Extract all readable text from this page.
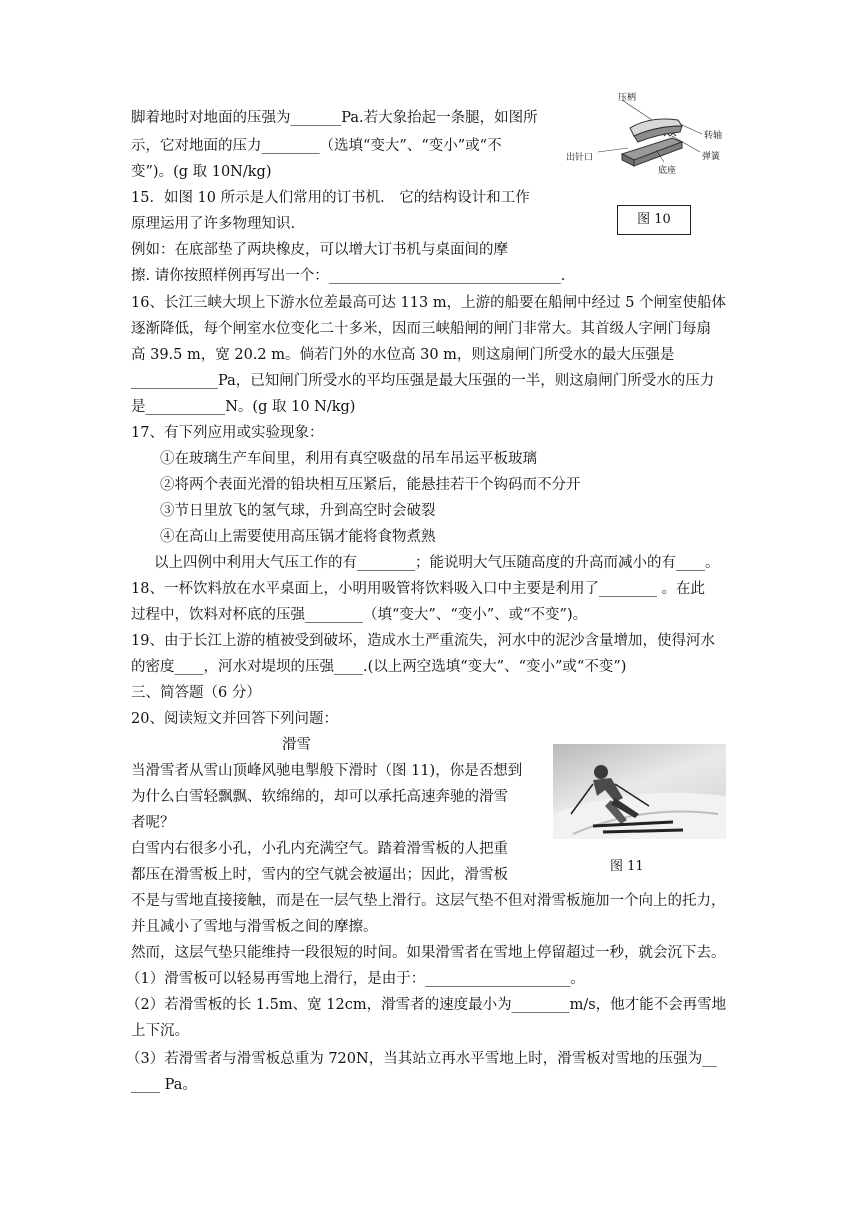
脚着地时对地面的压强为_______Pa.若大象抬起一条腿，如图所
示，它对地面的压力________（选填“变大”、“变小”或“不
变”)。(g 取 10N/kg)
15．如图 10 所示是人们常用的订书机． 它的结构设计和工作
原理运用了许多物理知识.
例如：在底部垫了两块橡皮，可以增大订书机与桌面间的摩
擦. 请你按照样例再写出一个：________________________________.
16、长江三峡大坝上下游水位差最高可达 113 m，上游的船要在船闸中经过 5 个闸室使船体
逐渐降低，每个闸室水位变化二十多米，因而三峡船闸的闸门非常大。其首级人字闸门每扇
高 39.5 m，宽 20.2 m。倘若门外的水位高 30 m，则这扇闸门所受水的最大压强是
____________Pa，已知闸门所受水的平均压强是最大压强的一半，则这扇闸门所受水的压力
是___________N。(g 取 10 N/kg)
17、有下列应用或实验现象：
①在玻璃生产车间里，利用有真空吸盘的吊车吊运平板玻璃
②将两个表面光滑的铅块相互压紧后，能悬挂若干个钩码而不分开
③节日里放飞的氢气球，升到高空时会破裂
④在高山上需要使用高压锅才能将食物煮熟
以上四例中利用大气压工作的有________；能说明大气压随高度的升高而减小的有____。
18、一杯饮料放在水平桌面上，小明用吸管将饮料吸入口中主要是利用了________ 。在此
过程中，饮料对杯底的压强________（填“变大”、“变小”、或“不变”)。
19、由于长江上游的植被受到破坏，造成水土严重流失，河水中的泥沙含量增加，使得河水
的密度____，河水对堤坝的压强____.(以上两空选填“变大”、“变小”或“不变”)
三、简答题（6 分）
20、阅读短文并回答下列问题：
滑雪
当滑雪者从雪山顶峰风驰电掣般下滑时（图 11)，你是否想到
为什么白雪轻飘飘、软绵绵的，却可以承托高速奔驰的滑雪
者呢？
白雪内右很多小孔，小孔内充满空气。踏着滑雪板的人把重
都压在滑雪板上时，雪内的空气就会被逼出；因此，滑雪板
不是与雪地直接接触，而是在一层气垫上滑行。这层气垫不但对滑雪板施加一个向上的托力，
并且减小了雪地与滑雪板之间的摩擦。
然而，这层气垫只能维持一段很短的时间。如果滑雪者在雪地上停留超过一秒，就会沉下去。
（1）滑雪板可以轻易再雪地上滑行，是由于：____________________。
（2）若滑雪板的长 1.5m、宽 12cm，滑雪者的速度最小为________m/s，他才能不会再雪地
上下沉。
（3）若滑雪者与滑雪板总重为 720N，当其站立再水平雪地上时，滑雪板对雪地的压强为__
____ Pa。
压柄
转轴
出针口	弹簧
底座
图 10
图 11
